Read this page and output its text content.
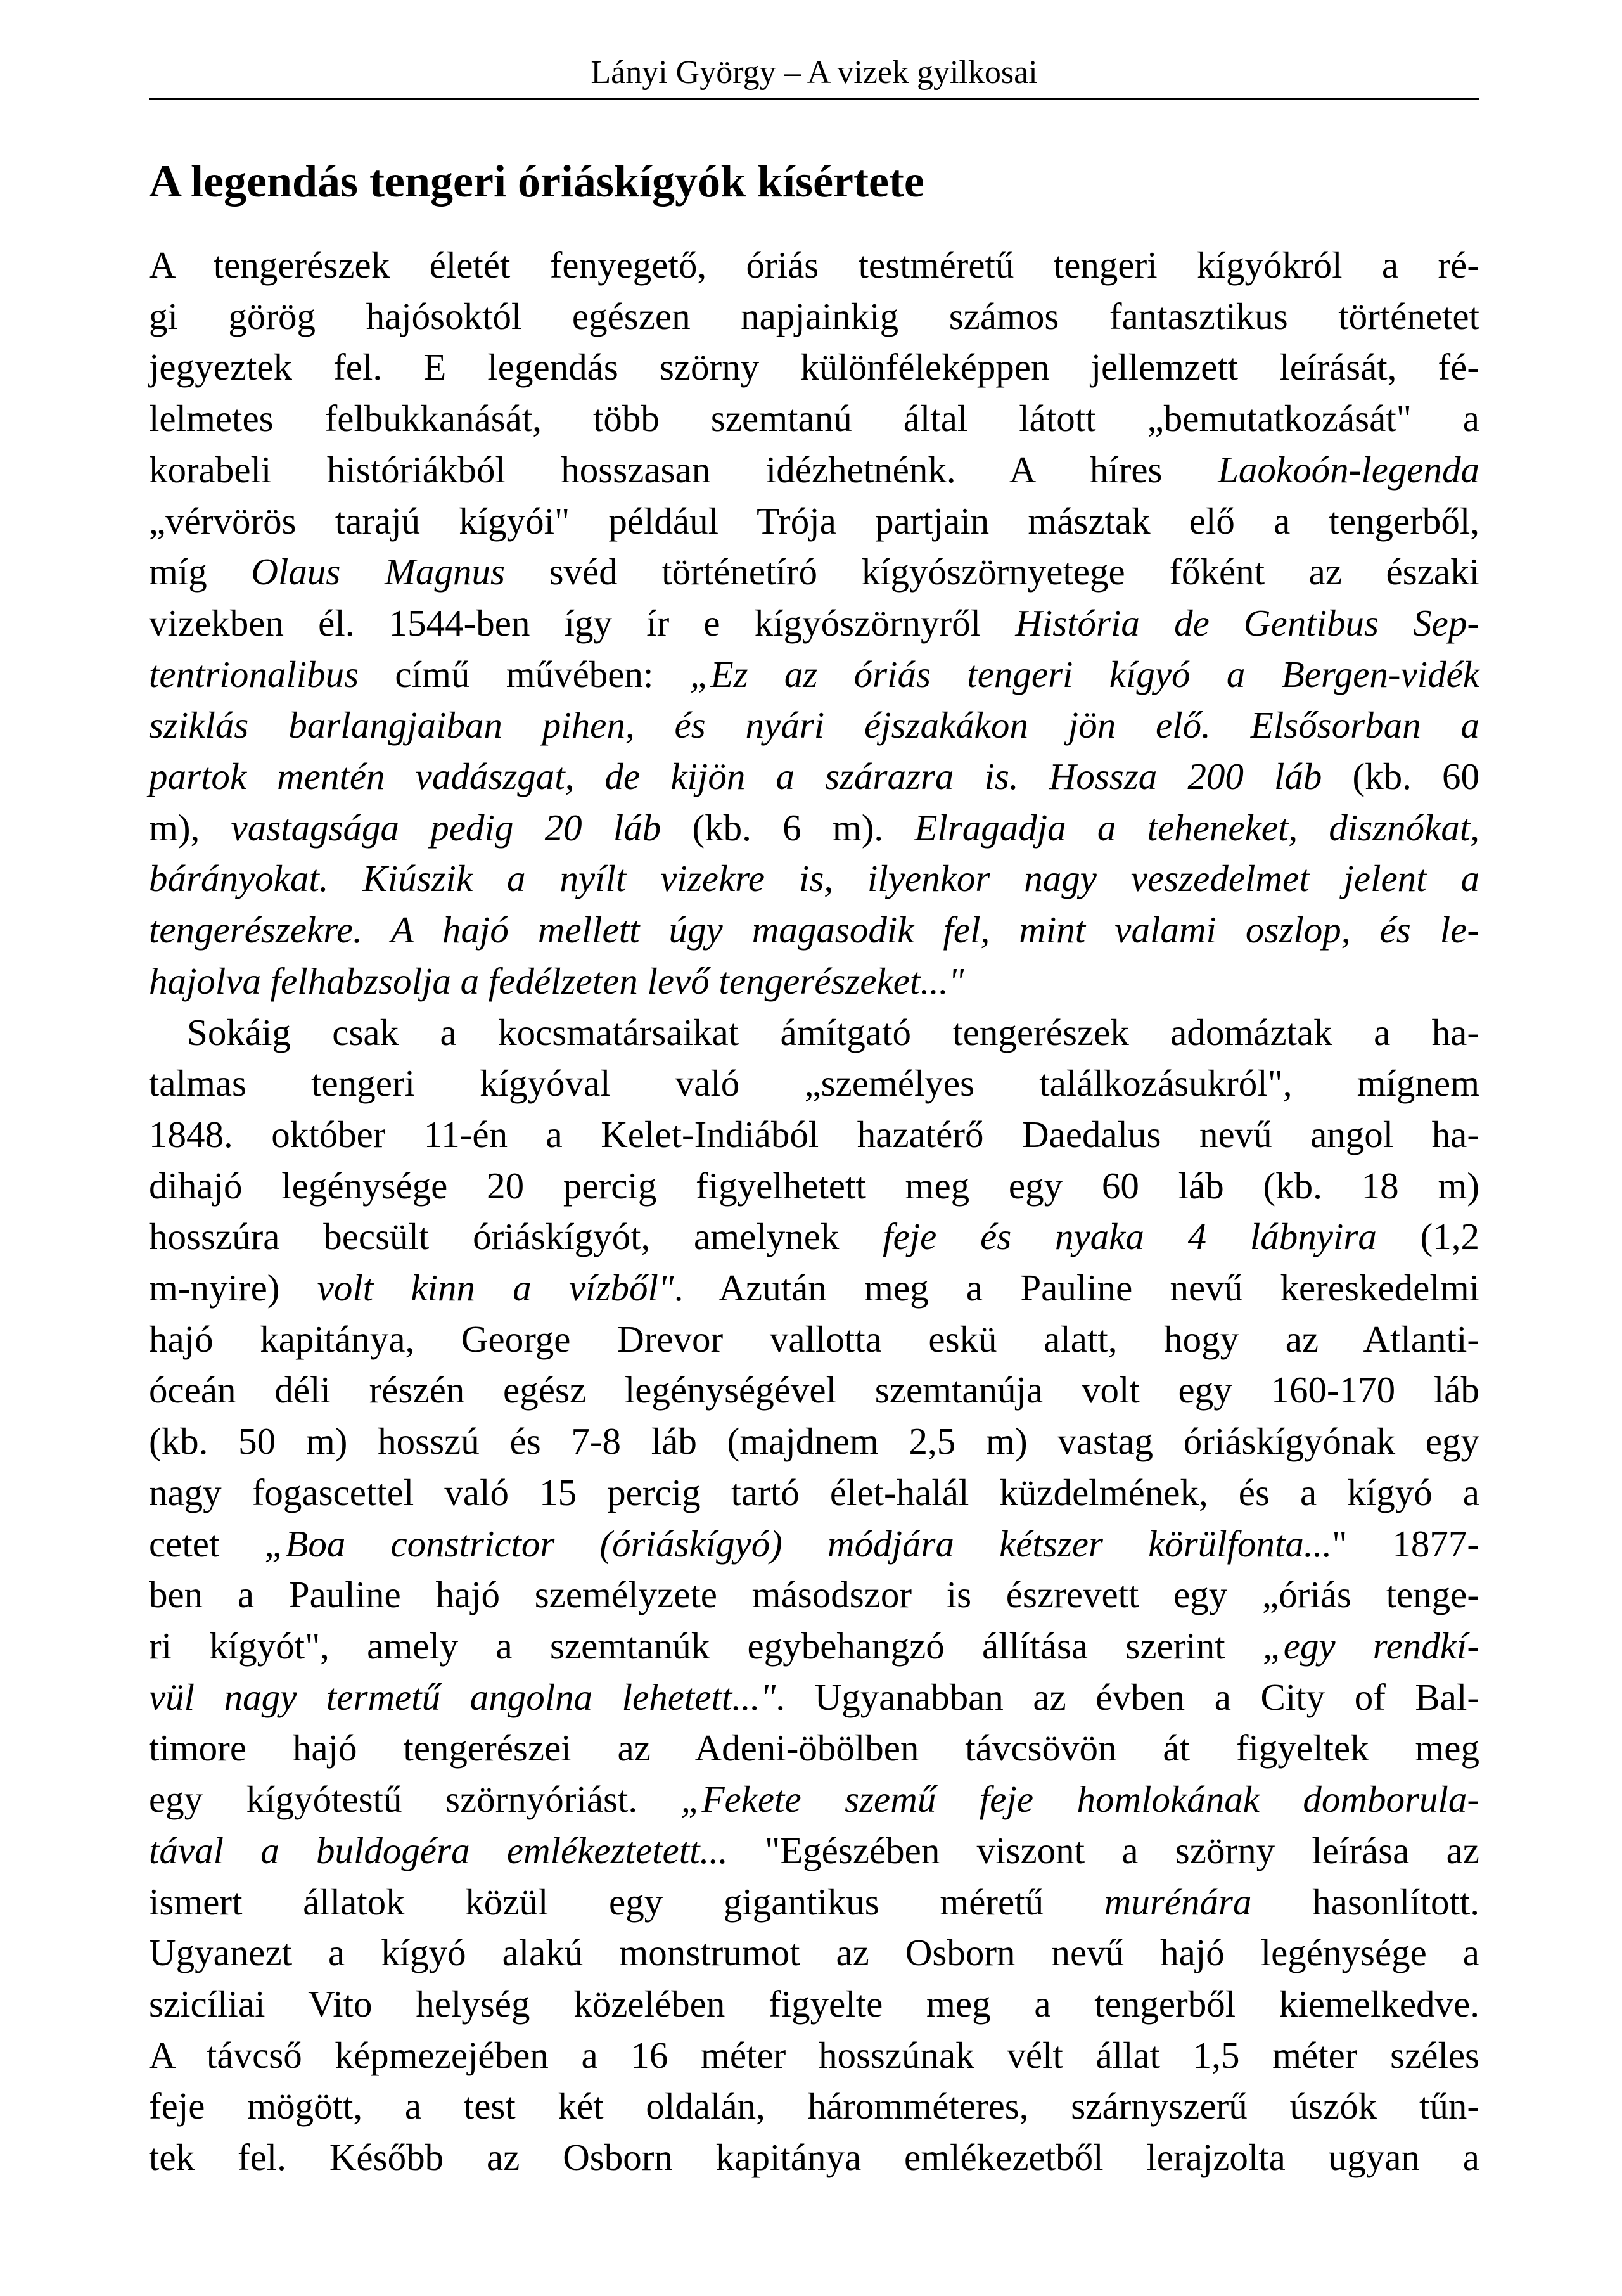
Lányi György – A vizek gyilkosai
A legendás tengeri óriáskígyók kísértete
A tengerészek életét fenyegető, óriás testméretű tengeri kígyókról a ré-
gi görög hajósoktól egészen napjainkig számos fantasztikus történetet
jegyeztek fel. E legendás szörny különféleképpen jellemzett leírását, fé-
lelmetes felbukkanását, több szemtanú által látott „bemutatkozását" a
korabeli históriákból hosszasan idézhetnénk. A híres Laokoón-legenda
„vérvörös tarajú kígyói" például Trója partjain másztak elő a tengerből,
míg Olaus Magnus svéd történetíró kígyószörnyetege főként az északi
vizekben él. 1544-ben így ír e kígyószörnyről História de Gentibus Sep-
tentrionalibus című művében: „Ez az óriás tengeri kígyó a Bergen-vidék
sziklás barlangjaiban pihen, és nyári éjszakákon jön elő. Elsősorban a
partok mentén vadászgat, de kijön a szárazra is. Hossza 200 láb (kb. 60
m), vastagsága pedig 20 láb (kb. 6 m). Elragadja a teheneket, disznókat,
bárányokat. Kiúszik a nyílt vizekre is, ilyenkor nagy veszedelmet jelent a
tengerészekre. A hajó mellett úgy magasodik fel, mint valami oszlop, és le-
hajolva felhabzsolja a fedélzeten levő tengerészeket..."
Sokáig csak a kocsmatársaikat ámítgató tengerészek adomáztak a ha-
talmas tengeri kígyóval való „személyes találkozásukról", mígnem
1848. október 11-én a Kelet-Indiából hazatérő Daedalus nevű angol ha-
dihajó legénysége 20 percig figyelhetett meg egy 60 láb (kb. 18 m)
hosszúra becsült óriáskígyót, amelynek feje és nyaka 4 lábnyira (1,2
m-nyire) volt kinn a vízből". Azután meg a Pauline nevű kereskedelmi
hajó kapitánya, George Drevor vallotta eskü alatt, hogy az Atlanti-
óceán déli részén egész legénységével szemtanúja volt egy 160-170 láb
(kb. 50 m) hosszú és 7-8 láb (majdnem 2,5 m) vastag óriáskígyónak egy
nagy fogascettel való 15 percig tartó élet-halál küzdelmének, és a kígyó a
cetet „Boa constrictor (óriáskígyó) módjára kétszer körülfonta..." 1877-
ben a Pauline hajó személyzete másodszor is észrevett egy „óriás tenge-
ri kígyót", amely a szemtanúk egybehangzó állítása szerint „egy rendkí-
vül nagy termetű angolna lehetett...". Ugyanabban az évben a City of Bal-
timore hajó tengerészei az Adeni-öbölben távcsövön át figyeltek meg
egy kígyótestű szörnyóriást. „Fekete szemű feje homlokának domborula-
tával a buldogéra emlékeztetett... "Egészében viszont a szörny leírása az
ismert állatok közül egy gigantikus méretű murénára hasonlított.
Ugyanezt a kígyó alakú monstrumot az Osborn nevű hajó legénysége a
szicíliai Vito helység közelében figyelte meg a tengerből kiemelkedve.
A távcső képmezejében a 16 méter hosszúnak vélt állat 1,5 méter széles
feje mögött, a test két oldalán, háromméteres, szárnyszerű úszók tűn-
tek fel. Később az Osborn kapitánya emlékezetből lerajzolta ugyan a
